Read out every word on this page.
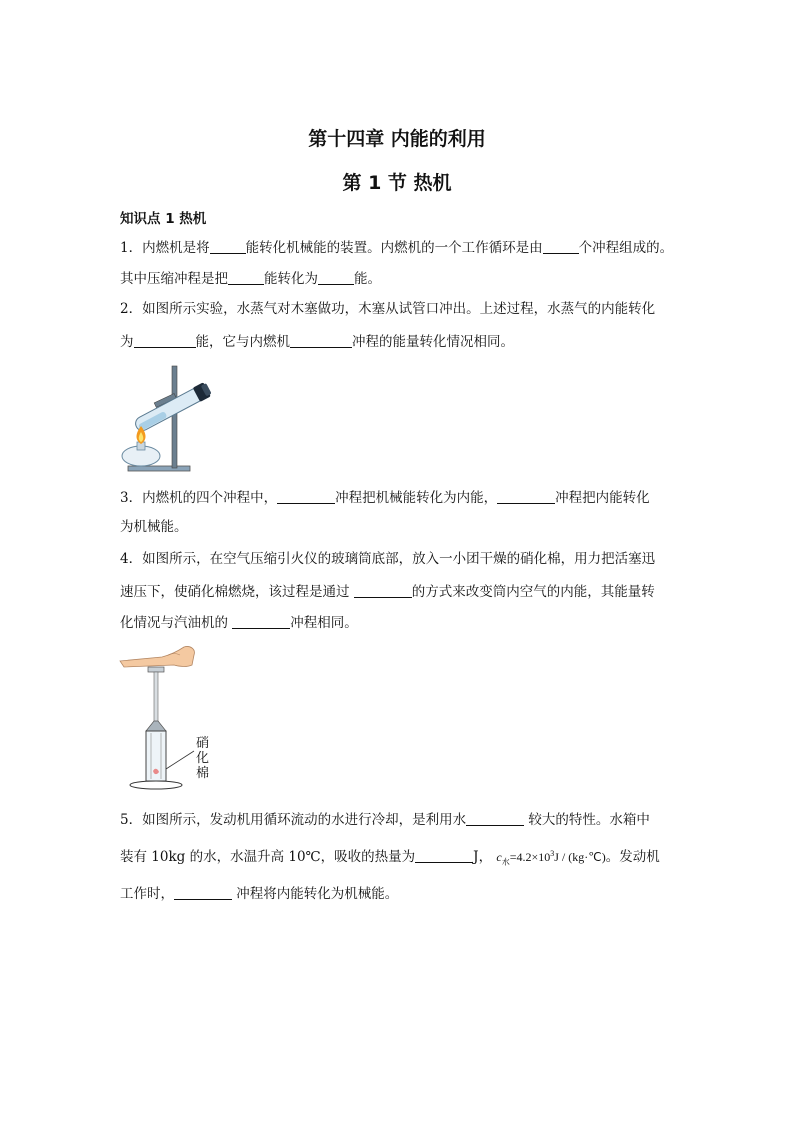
第十四章 内能的利用
第 1 节 热机
知识点 1 热机
1．内燃机是将	能转化机械能的装置。内燃机的一个工作循环是由	个冲程组成的。
其中压缩冲程是把	能转化为	能。
2．如图所示实验，水蒸气对木塞做功，木塞从试管口冲出。上述过程，水蒸气的内能转化
为	能，它与内燃机	冲程的能量转化情况相同。
3．内燃机的四个冲程中，	冲程把机械能转化为内能，	冲程把内能转化
为机械能。
4．如图所示，在空气压缩引火仪的玻璃筒底部，放入一小团干燥的硝化棉，用力把活塞迅
速压下，使硝化棉燃烧，该过程是通过	的方式来改变筒内空气的内能，其能量转
化情况与汽油机的	冲程相同。
硝化棉
5．如图所示，发动机用循环流动的水进行冷却，是利用水	较大的特性。水箱中
装有 10kg 的水，水温升高 10℃，吸收的热量为	J， $c_水=4.2\times 10^3J$ / (kg·℃)。发动机
工作时，	冲程将内能转化为机械能。
